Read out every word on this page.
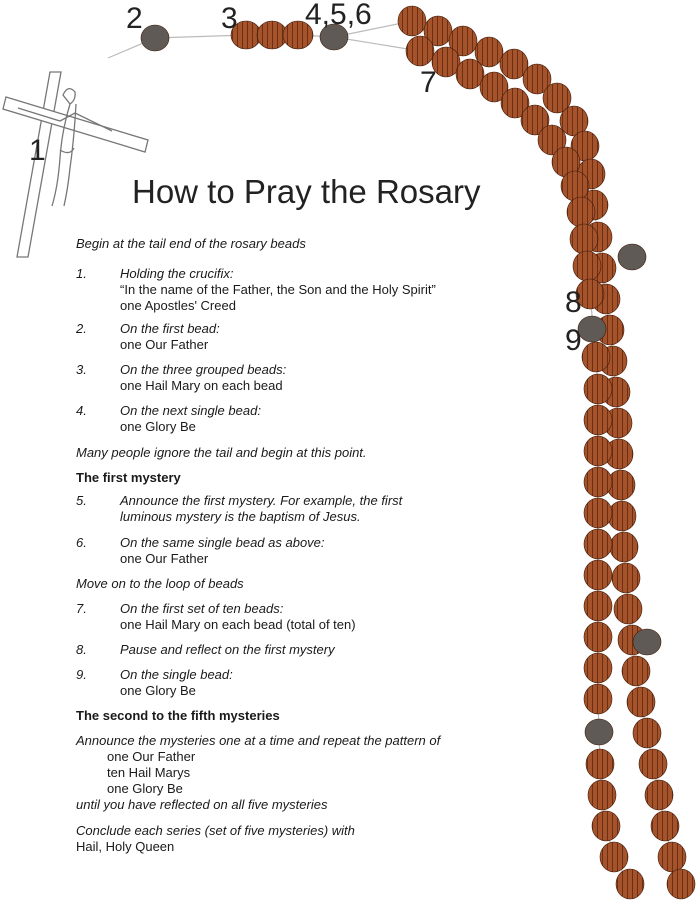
1
2	3 4,5,6
7
8
9
How to Pray the Rosary
Begin at the tail end of the rosary beads
1.	Holding the crucifix:
“In the name of the Father, the Son and the Holy Spirit”
one Apostles' Creed
2.	On the first bead:
one Our Father
3.	On the three grouped beads:
one Hail Mary on each bead
4.	On the next single bead:
one Glory Be
Many people ignore the tail and begin at this point.
The first mystery
5.	Announce the first mystery. For example, the first
luminous mystery is the baptism of Jesus.
6.	On the same single bead as above:
one Our Father
Move on to the loop of beads
7.	On the first set of ten beads:
one Hail Mary on each bead (total of ten)
8.	Pause and reflect on the first mystery
9.	On the single bead:
one Glory Be
The second to the fifth mysteries
Announce the mysteries one at a time and repeat the pattern of
one Our Father
ten Hail Marys
one Glory Be
until you have reflected on all five mysteries
Conclude each series (set of five mysteries) with
Hail, Holy Queen
